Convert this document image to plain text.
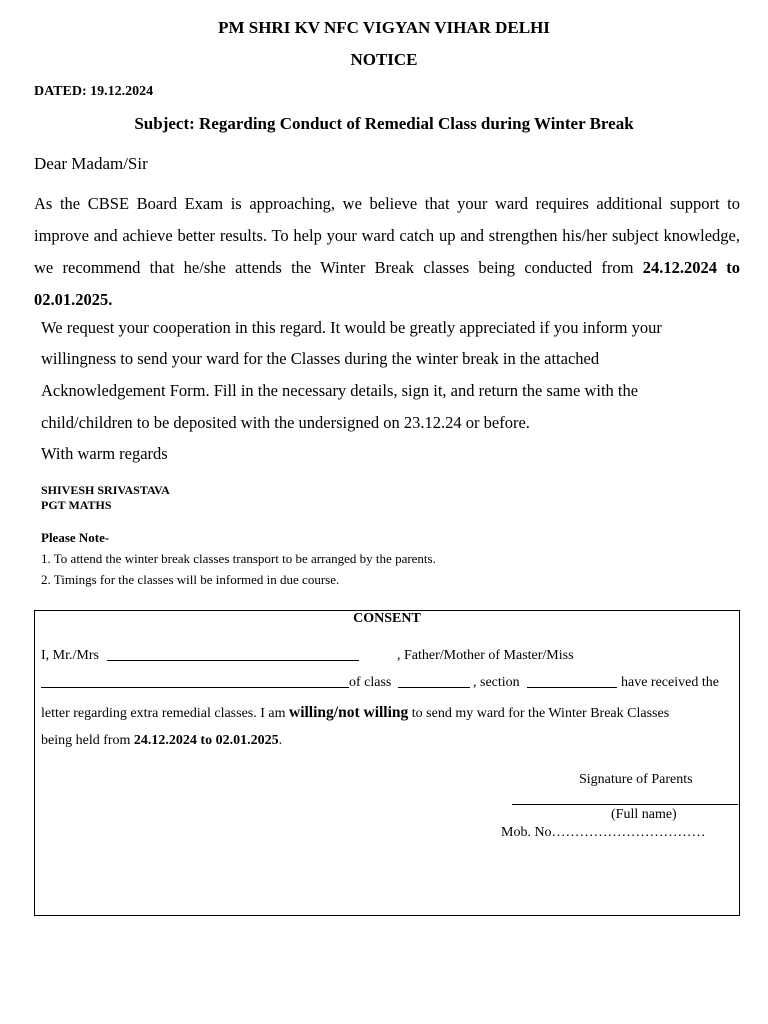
PM SHRI KV NFC VIGYAN VIHAR DELHI
NOTICE
DATED: 19.12.2024
Subject: Regarding Conduct of Remedial Class during Winter Break
Dear Madam/Sir
As the CBSE Board Exam is approaching, we believe that your ward requires additional support to improve and achieve better results. To help your ward catch up and strengthen his/her subject knowledge, we recommend that he/she attends the Winter Break classes being conducted from 24.12.2024 to 02.01.2025.
We request your cooperation in this regard. It would be greatly appreciated if you inform your
willingness to send your ward for the Classes during the winter break in the attached
Acknowledgement Form. Fill in the necessary details, sign it, and return the same with the
child/children to be deposited with the undersigned on 23.12.24 or before.
With warm regards
SHIVESH SRIVASTAVA
PGT MATHS
Please Note-
1. To attend the winter break classes transport to be arranged by the parents.
2. Timings for the classes will be informed in due course.
CONSENT
I, Mr./Mrs	, Father/Mother of Master/Miss
of class	, section	have received the
letter regarding extra remedial classes. I am willing/not willing to send my ward for the Winter Break Classes
being held from 24.12.2024 to 02.01.2025.
Signature of Parents
(Full name)
Mob. No……………………………
